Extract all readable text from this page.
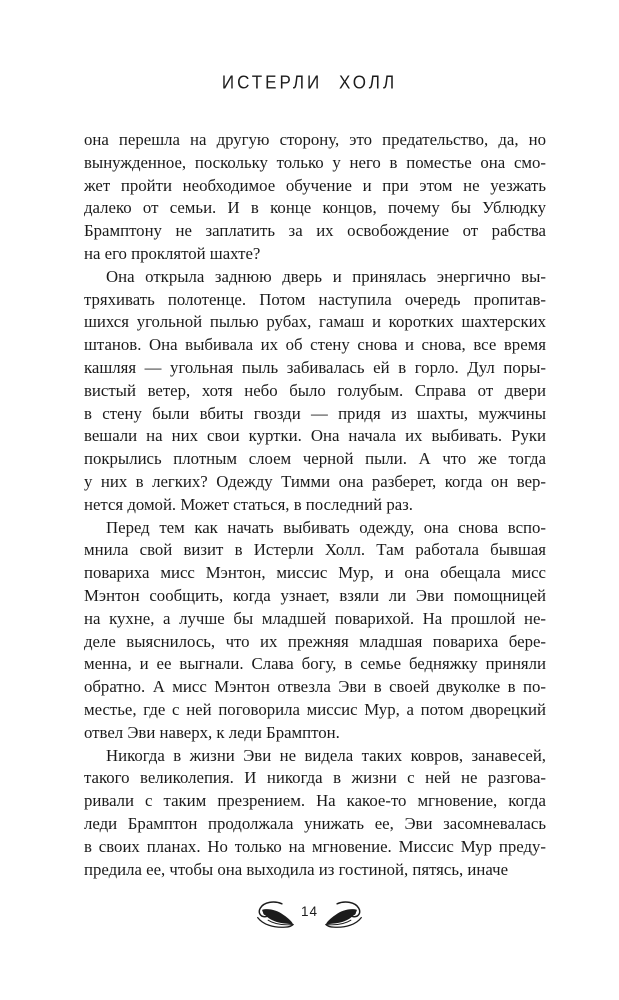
ИСТЕРЛИ ХОЛЛ
она перешла на другую сторону, это предательство, да, но
вынужденное, поскольку только у него в поместье она смо-
жет пройти необходимое обучение и при этом не уезжать
далеко от семьи. И в конце концов, почему бы Ублюдку
Брамптону не заплатить за их освобождение от рабства
на его проклятой шахте?
Она открыла заднюю дверь и принялась энергично вы-
тряхивать полотенце. Потом наступила очередь пропитав-
шихся угольной пылью рубах, гамаш и коротких шахтерских
штанов. Она выбивала их об стену снова и снова, все время
кашляя — угольная пыль забивалась ей в горло. Дул поры-
вистый ветер, хотя небо было голубым. Справа от двери
в стену были вбиты гвозди — придя из шахты, мужчины
вешали на них свои куртки. Она начала их выбивать. Руки
покрылись плотным слоем черной пыли. А что же тогда
у них в легких? Одежду Тимми она разберет, когда он вер-
нется домой. Может статься, в последний раз.
Перед тем как начать выбивать одежду, она снова вспо-
мнила свой визит в Истерли Холл. Там работала бывшая
повариха мисс Мэнтон, миссис Мур, и она обещала мисс
Мэнтон сообщить, когда узнает, взяли ли Эви помощницей
на кухне, а лучше бы младшей поварихой. На прошлой не-
деле выяснилось, что их прежняя младшая повариха бере-
менна, и ее выгнали. Слава богу, в семье бедняжку приняли
обратно. А мисс Мэнтон отвезла Эви в своей двуколке в по-
местье, где с ней поговорила миссис Мур, а потом дворецкий
отвел Эви наверх, к леди Брамптон.
Никогда в жизни Эви не видела таких ковров, занавесей,
такого великолепия. И никогда в жизни с ней не разгова-
ривали с таким презрением. На какое-то мгновение, когда
леди Брамптон продолжала унижать ее, Эви засомневалась
в своих планах. Но только на мгновение. Миссис Мур преду-
предила ее, чтобы она выходила из гостиной, пятясь, иначе
14
